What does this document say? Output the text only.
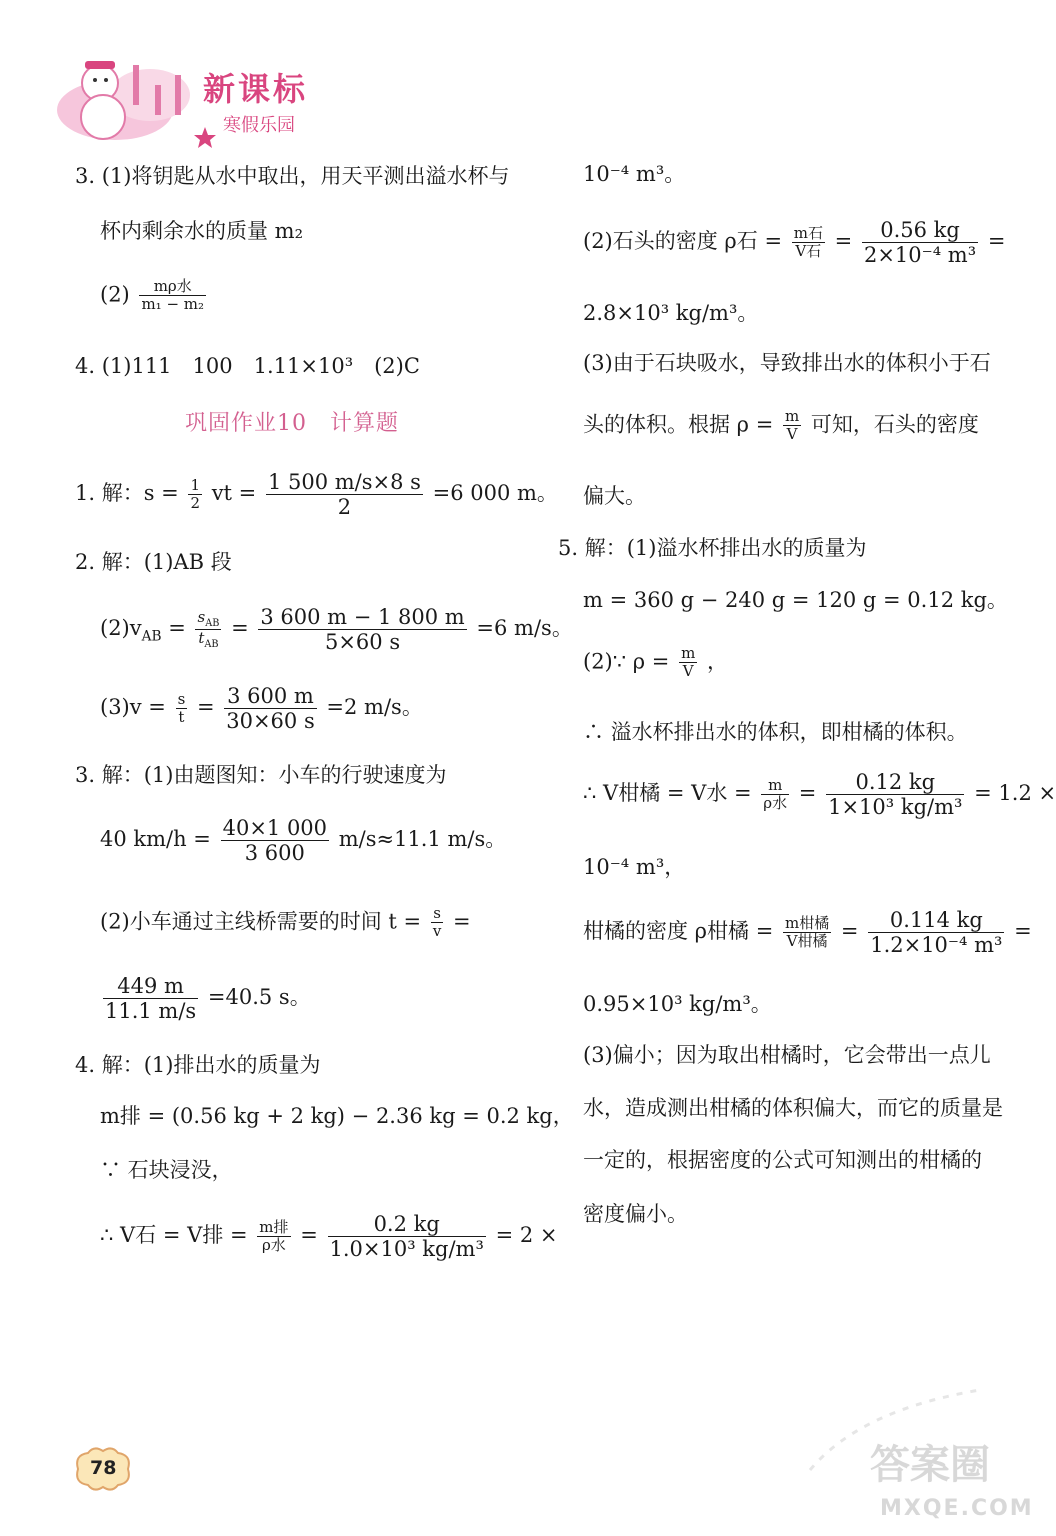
新课标
寒假乐园
3. (1)将钥匙从水中取出，用天平测出溢水杯与
杯内剩余水的质量 m₂
$(2) \frac{\text{mρ水}}{\text{m₁ − m₂}}$
4. (1)111　100　1.11×10³　(2)C
巩固作业10　计算题
1. 解：$s = \frac{1}{2}$ vt = $\frac{1 500 m/s\times 8 s}{2} =6$ 000 m。
2. 解：(1)AB 段
$(2)v_{AB} = \frac{s_{AB}}{t_{AB}} = \frac{3 600 m - 1 800 m}{5\times 60 s} =6$ m/s。
$(3)v = \frac{s}{t} = \frac{3 600 m}{30\times 60 s} =2$ m/s。
3. 解：(1)由题图知：小车的行驶速度为
40 $km/h = \frac{40\times 1 000}{3 600} m/s\approx 11.1$ m/s。
(2)小车通过主线桥需要的时间 $t = \frac{s}{v}$ =
$\frac{449 m}{11.1 m/s} =40.5$ s。
4. 解：(1)排出水的质量为
m排 = (0.56 kg + 2 kg) − 2.36 kg = 0.2 kg，
∵ 石块浸没，
∴ V石 = V排 = $\frac{\text{m排}}{\text{ρ水}} = \frac{0.2 kg}{\text{1.0×10³ kg/m³}} = 2$ ×
10⁻⁴ m³。
(2)石头的密度 ρ石 = $\frac{\text{m石}}{\text{V石}} = \frac{0.56 kg}{\text{2×10⁻⁴ m³}}$ =
2.8×10³ kg/m³。
(3)由于石块吸水，导致排出水的体积小于石
头的体积。根据 $\rho = \frac{m}{V}$ 可知，石头的密度
偏大。
5. 解：(1)溢水杯排出水的质量为
m = 360 g − 240 g = 120 g = 0.12 kg。
(2)∵ $\rho = \frac{m}{V}$ ，
∴ 溢水杯排出水的体积，即柑橘的体积。
∴ V柑橘 = V水 = $\frac{m}{\text{ρ水}} = \frac{0.12 kg}{\text{1×10³ kg/m³}} = 1.2$ ×
10⁻⁴ m³，
柑橘的密度 ρ柑橘 = $\frac{\text{m柑橘}}{\text{V柑橘}} = \frac{0.114 kg}{\text{1.2×10⁻⁴ m³}}$ =
0.95×10³ kg/m³。
(3)偏小；因为取出柑橘时，它会带出一点儿
水，造成测出柑橘的体积偏大，而它的质量是
一定的，根据密度的公式可知测出的柑橘的
密度偏小。
78	答案圈
MXQE.COM
